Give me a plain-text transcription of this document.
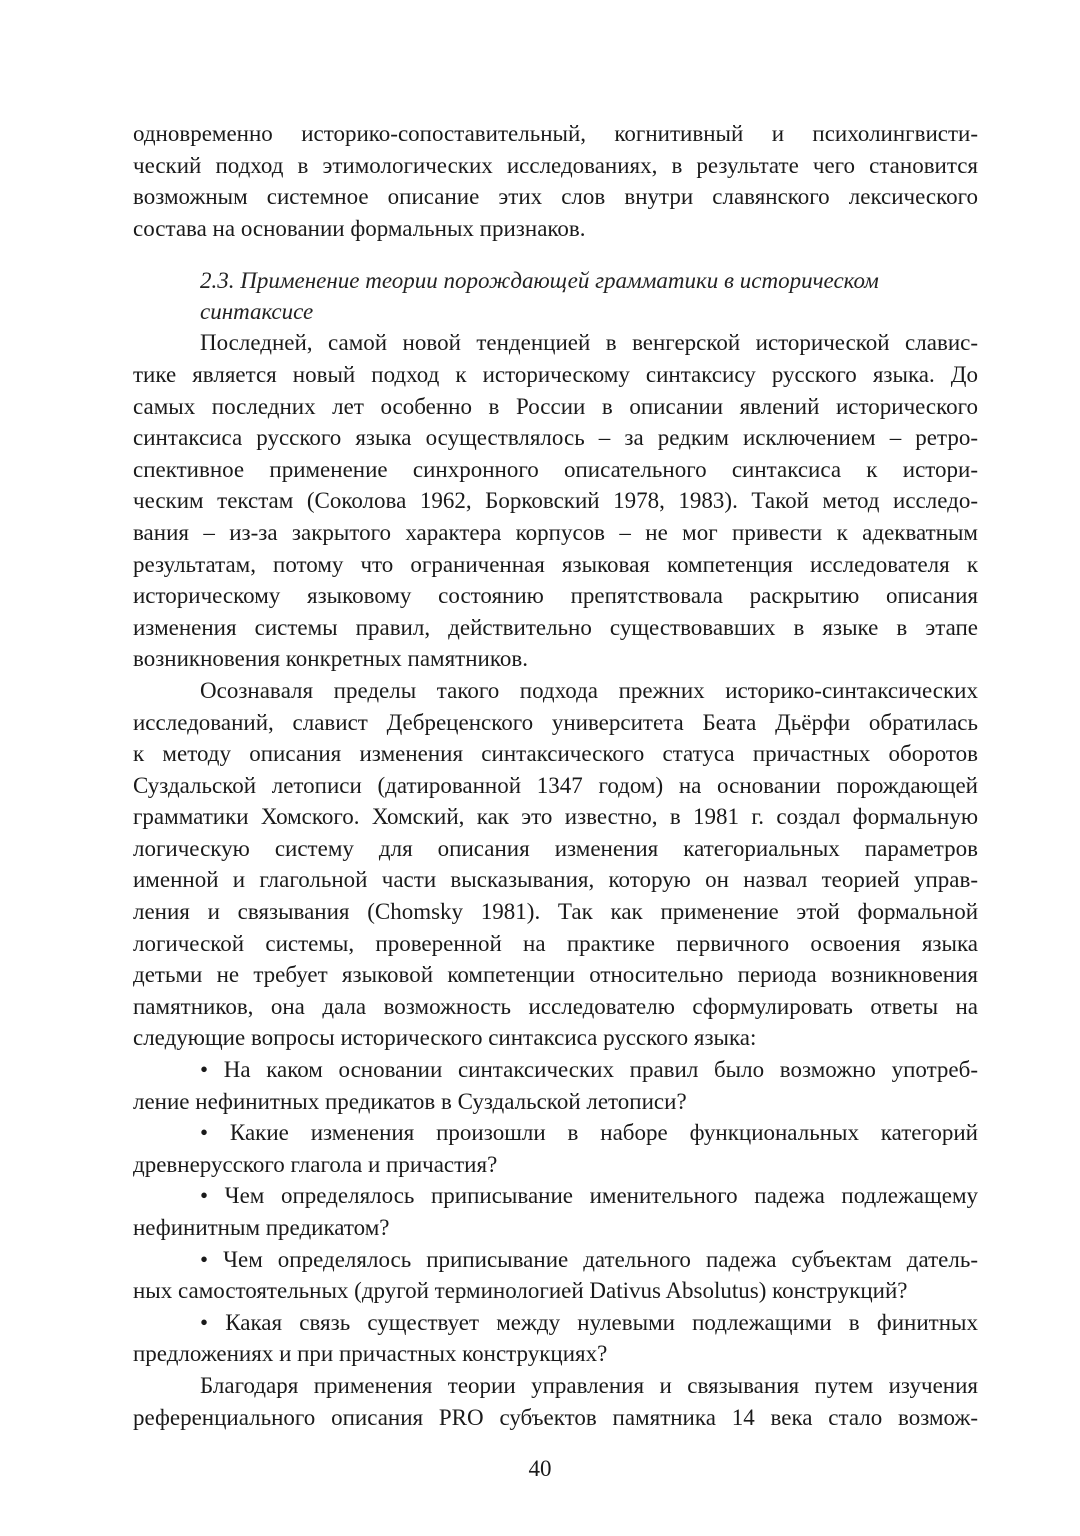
одновременно историко-сопоставительный, когнитивный и психолингвисти-

ческий подход в этимологических исследованиях, в результате чего становится

возможным системное описание этих слов внутри славянского лексического

состава на основании формальных признаков.

2.3. Применение теории порождающей грамматики в историческом

синтаксисе

Последней, самой новой тенденцией в венгерской исторической славис-

тике является новый подход к историческому синтаксису русского языка. До

самых последних лет особенно в России в описании явлений исторического

синтаксиса русского языка осуществлялось – за редким исключением – ретро-

спективное применение синхронного описательного синтаксиса к истори-

ческим текстам (Соколова 1962, Борковский 1978, 1983). Такой метод исследо-

вания – из-за закрытого характера корпусов – не мог привести к адекватным

результатам, потому что ограниченная языковая компетенция исследователя к

историческому языковому состоянию препятствовала раскрытию описания

изменения системы правил, действительно существовавших в языке в этапе

возникновения конкретных памятников.

Осознавaля пределы такого подхода прежних историко-синтаксических

исследований, славист Дебреценского университета Беата Дьёрфи обратилась

к методу описания изменения синтаксического статуса причастных оборотов

Суздальской летописи (датированной 1347 годом) на основании порождающей

грамматики Хомского. Хомский, как это известно, в 1981 г. создал формальную

логическую систему для описания изменения категориальных параметров

именной и глагольной части высказывания, которую он назвал теорией управ-

ления и связывания (Chomsky 1981). Так как применение этой формальной

логической системы, проверенной на практике первичного освоения языка

детьми не требует языковой компетенции относительно периода возникновения

памятников, она дала возможность исследователю сформулировать ответы на

следующие вопросы исторического синтаксиса русского языка:

• На каком основании синтаксических правил было возможно употреб-

ление нефинитных предикатов в Суздальской летописи?

• Какие изменения произошли в наборе функциональных категорий

древнерусского глагола и причастия?

• Чем определялось приписывание именительного падежа подлежащему

нефинитным предикатом?

• Чем определялось приписывание дательного падежа субъектам датель-

ных самостоятельных (другой терминологией Dativus Absolutus) конструкций?

• Какая связь существует между нулевыми подлежащими в финитных

предложениях и при причастных конструкциях?

Благодаря применения теории управления и связывания путем изучения

референциального описания PRO субъектов памятника 14 века стало возмож-

40
